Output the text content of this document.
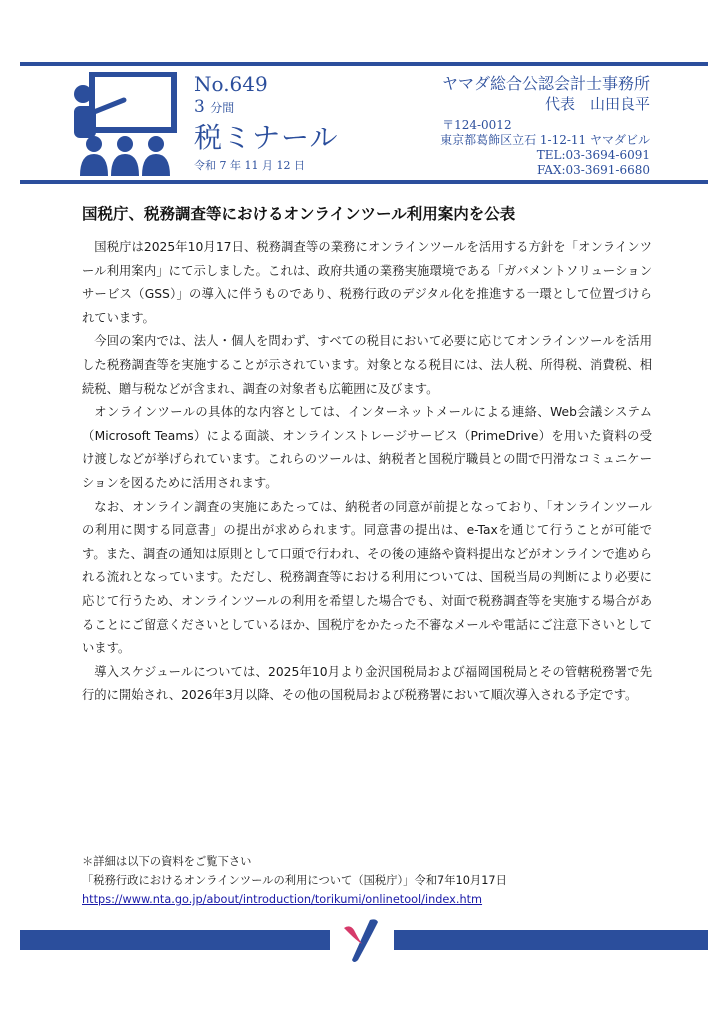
No.649
3 分間
税ミナール
令和 7 年 11 月 12 日
ヤマダ総合公認会計士事務所
代表　山田良平
〒124-0012
東京都葛飾区立石 1-12-11 ヤマダビル
TEL:03-3694-6091
FAX:03-3691-6680
国税庁、税務調査等におけるオンラインツール利用案内を公表

国税庁は2025年10月17日、税務調査等の業務にオンラインツールを活用する方針を「オンラインツール利用案内」にて示しました。これは、政府共通の業務実施環境である「ガバメントソリューションサービス（GSS）」の導入に伴うものであり、税務行政のデジタル化を推進する一環として位置づけられています。

今回の案内では、法人・個人を問わず、すべての税目において必要に応じてオンラインツールを活用した税務調査等を実施することが示されています。対象となる税目には、法人税、所得税、消費税、相続税、贈与税などが含まれ、調査の対象者も広範囲に及びます。

オンラインツールの具体的な内容としては、インターネットメールによる連絡、Web会議システム（Microsoft Teams）による面談、オンラインストレージサービス（PrimeDrive）を用いた資料の受け渡しなどが挙げられています。これらのツールは、納税者と国税庁職員との間で円滑なコミュニケーションを図るために活用されます。

なお、オンライン調査の実施にあたっては、納税者の同意が前提となっており、「オンラインツールの利用に関する同意書」の提出が求められます。同意書の提出は、e-Taxを通じて行うことが可能です。また、調査の通知は原則として口頭で行われ、その後の連絡や資料提出などがオンラインで進められる流れとなっています。ただし、税務調査等における利用については、国税当局の判断により必要に応じて行うため、オンラインツールの利用を希望した場合でも、対面で税務調査等を実施する場合があることにご留意くださいとしているほか、国税庁をかたった不審なメールや電話にご注意下さいとしています。

導入スケジュールについては、2025年10月より金沢国税局および福岡国税局とその管轄税務署で先行的に開始され、2026年3月以降、その他の国税局および税務署において順次導入される予定です。

＊詳細は以下の資料をご覧下さい
「税務行政におけるオンラインツールの利用について（国税庁）」令和7年10月17日
https://www.nta.go.jp/about/introduction/torikumi/onlinetool/index.htm
